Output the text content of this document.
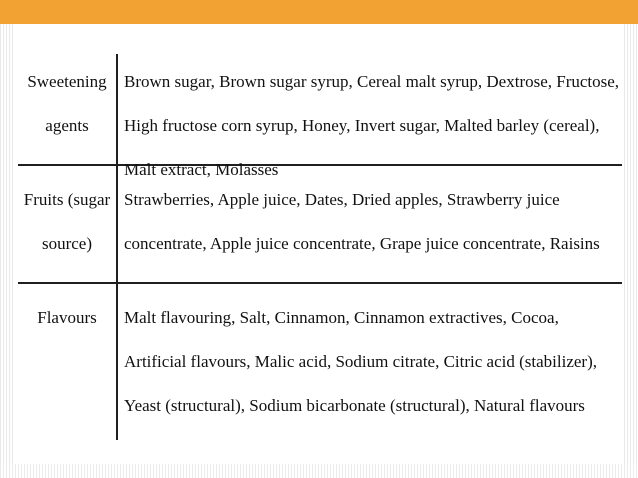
Sweetening agents
Brown sugar, Brown sugar syrup, Cereal malt syrup, Dextrose, Fructose, High fructose corn syrup, Honey, Invert sugar, Malted barley (cereal), Malt extract, Molasses
Fruits (sugar source)
Strawberries, Apple juice, Dates, Dried apples, Strawberry juice concentrate, Apple juice concentrate, Grape juice concentrate, Raisins
Flavours	Malt flavouring, Salt, Cinnamon, Cinnamon extractives, Cocoa, Artificial flavours, Malic acid, Sodium citrate, Citric acid (stabilizer), Yeast (structural), Sodium bicarbonate (structural), Natural flavours
